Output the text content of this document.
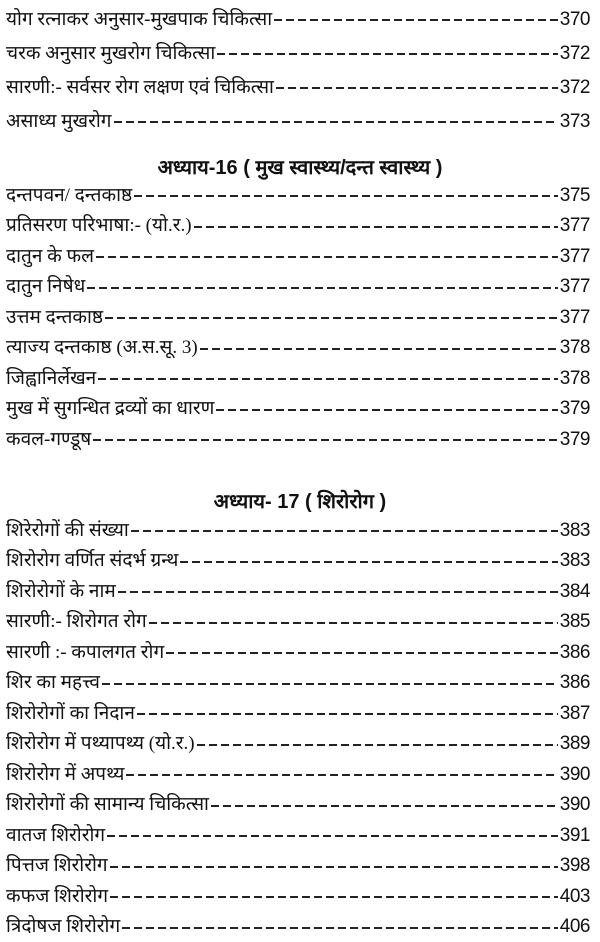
योग रत्नाकर अनुसार-मुखपाक चिकित्सा	370
चरक अनुसार मुखरोग चिकित्सा	372
सारणी:- सर्वसर रोग लक्षण एवं चिकित्सा	372
असाध्य मुखरोग	373
अध्याय-16 ( मुख स्वास्थ्य/दन्त स्वास्थ्य )
दन्तपवन/ दन्तकाष्ठ	375
प्रतिसरण परिभाषा:- (यो.र.)	377
दातुन के फल	377
दातुन निषेध	377
उत्तम दन्तकाष्ठ	377
त्याज्य दन्तकाष्ठ (अ.स.सू. 3)	378
जिह्वानिर्लेखन	378
मुख में सुगन्धित द्रव्यों का धारण	379
कवल-गण्डूष	379
अध्याय- 17 ( शिरोरोग )
शिरेरोगों की संख्या	383
शिरोरोग वर्णित संदर्भ ग्रन्थ	383
शिरोरोगों के नाम	384
सारणी:- शिरोगत रोग	385
सारणी :- कपालगत रोग	386
शिर का महत्त्व	386
शिरोरोगों का निदान	387
शिरोरोग में पथ्यापथ्य (यो.र.)	389
शिरोरोग में अपथ्य	390
शिरोरोगों की सामान्य चिकित्सा	390
वातज शिरोरोग	391
पित्तज शिरोरोग	398
कफज शिरोरोग	403
त्रिदोषज शिरोरोग	406
